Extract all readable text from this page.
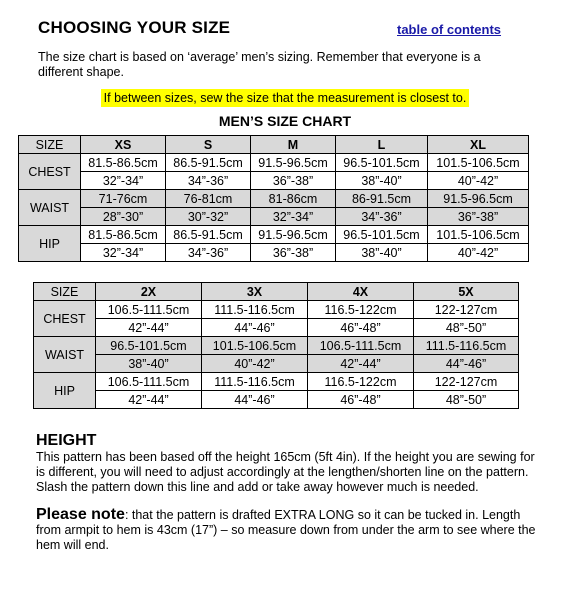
CHOOSING YOUR SIZE	table of contents
The size chart is based on ‘average’ men’s sizing. Remember that everyone is a different shape.
If between sizes, sew the size that the measurement is closest to.
MEN’S SIZE CHART
SIZE	XS	S	M	L	XL
CHEST	81.5-86.5cm	86.5-91.5cm	91.5-96.5cm	96.5-101.5cm	101.5-106.5cm
	32”-34”	34”-36”	36”-38”	38”-40”	40”-42”
WAIST	71-76cm	76-81cm	81-86cm	86-91.5cm	91.5-96.5cm
	28”-30”	30”-32”	32”-34”	34”-36”	36”-38”
HIP	81.5-86.5cm	86.5-91.5cm	91.5-96.5cm	96.5-101.5cm	101.5-106.5cm
	32”-34”	34”-36”	36”-38”	38”-40”	40”-42”
SIZE	2X	3X	4X	5X
CHEST	106.5-111.5cm	111.5-116.5cm	116.5-122cm	122-127cm
	42”-44”	44”-46”	46”-48”	48”-50”
WAIST	96.5-101.5cm	101.5-106.5cm	106.5-111.5cm	111.5-116.5cm
	38”-40”	40”-42”	42”-44”	44”-46”
HIP	106.5-111.5cm	111.5-116.5cm	116.5-122cm	122-127cm
	42”-44”	44”-46”	46”-48”	48”-50”
HEIGHT
This pattern has been based off the height 165cm (5ft 4in). If the height you are sewing for is different, you will need to adjust accordingly at the lengthen/shorten line on the pattern. Slash the pattern down this line and add or take away however much is needed.
Please note: that the pattern is drafted EXTRA LONG so it can be tucked in. Length from armpit to hem is 43cm (17”) – so measure down from under the arm to see where the hem will end.
